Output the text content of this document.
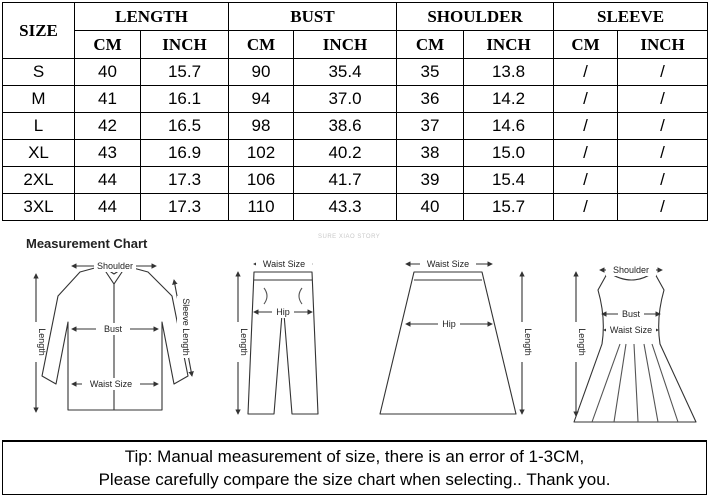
SIZE	LENGTH		BUST		SHOULDER		SLEEVE	
	CM	INCH	CM	INCH	CM	INCH	CM	INCH
S	40	15.7	90	35.4	35	13.8	/	/
M	41	16.1	94	37.0	36	14.2	/	/
L	42	16.5	98	38.6	37	14.6	/	/
XL	43	16.9	102	40.2	38	15.0	/	/
2XL	44	17.3	106	41.7	39	15.4	/	/
3XL	44	17.3	110	43.3	40	15.7	/	/
Measurement Chart	SURE XIAO STORY
Shoulder
Bust
Waist Size
Length	Sleeve Length
Waist Size
Hip
Length
Waist Size
Hip
Length
Shoulder
Bust
Waist Size
Length
Tip: Manual measurement of size, there is an error of 1-3CM,
Please carefully compare the size chart when selecting.. Thank you.
